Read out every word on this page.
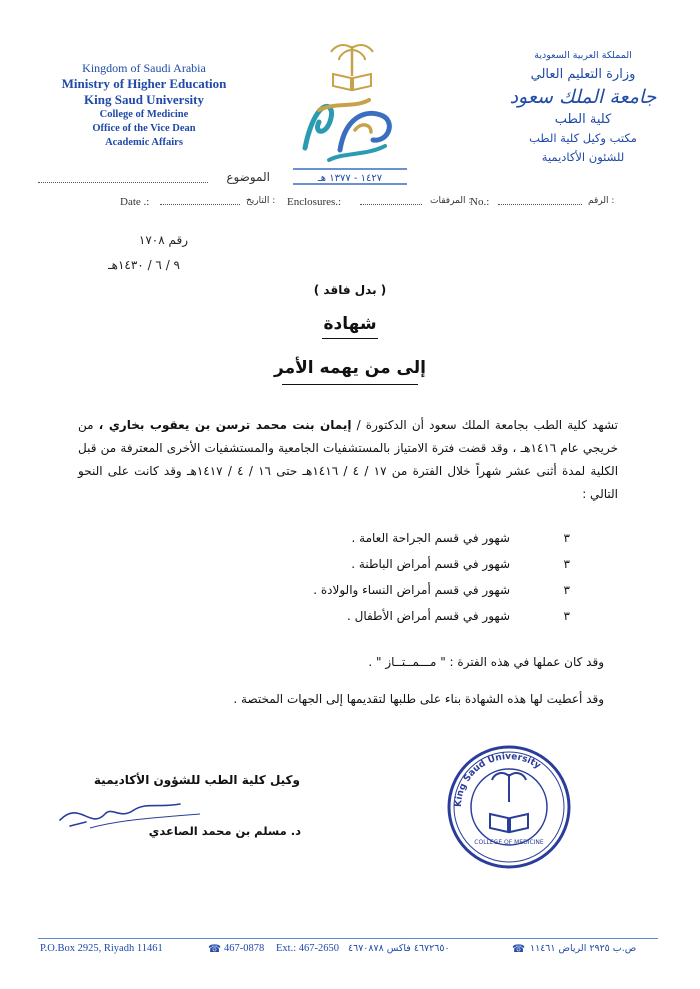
Kingdom of Saudi Arabia
Ministry of Higher Education
King Saud University
College of Medicine
Office of the Vice Dean
Academic Affairs
المملكة العربية السعودية
وزارة التعليم العالي
جامعة الملك سعود
كلية الطب
مكتب وكيل كلية الطب
للشئون الأكاديمية
١٤٢٧ - ١٣٧٧ هـ
الموضوع
Date .:	التاريخ : Enclosures.:	المرفقات :
No.:	الرقم :
رقم ١٧٠٨
٩ / ٦ / ١٤٣٠هـ
( بدل فاقد )
شهادة
إلى من يهمه الأمر
تشهد كلية الطب بجامعة الملك سعود أن الدكتورة / إيمان بنت محمد ترسن بن يعقوب بخاري ، من خريجي عام ١٤١٦هـ ، وقد قضت فترة الامتياز بالمستشفيات الجامعية والمستشفيات الأخرى المعترفة من قبل الكلية لمدة أثنى عشر شهراً خلال الفترة من ١٧ / ٤ / ١٤١٦هـ حتى ١٦ / ٤ / ١٤١٧هـ وقد كانت على النحو التالي :
٣
شهور في قسم الجراحة العامة .
٣
شهور في قسم أمراض الباطنة .
٣
شهور في قسم أمراض النساء والولادة .
٣
شهور في قسم أمراض الأطفال .
وقد كان عملها في هذه الفترة : " مـــمــتــاز " .
وقد أعطيت لها هذه الشهادة بناء على طلبها لتقديمها إلى الجهات المختصة .
وكيل كلية الطب للشؤون الأكاديمية
د. مسلم بن محمد الصاعدي
King Saud University
COLLEGE OF MEDICINE
P.O.Box 2925, Riyadh 11461	☎ 467-0878 Ext.: 467-2650 ٤٦٧٢٦٥٠ فاكس ٤٦٧٠٨٧٨	☎ ص.ب ٢٩٢٥ الرياض ١١٤٦١
